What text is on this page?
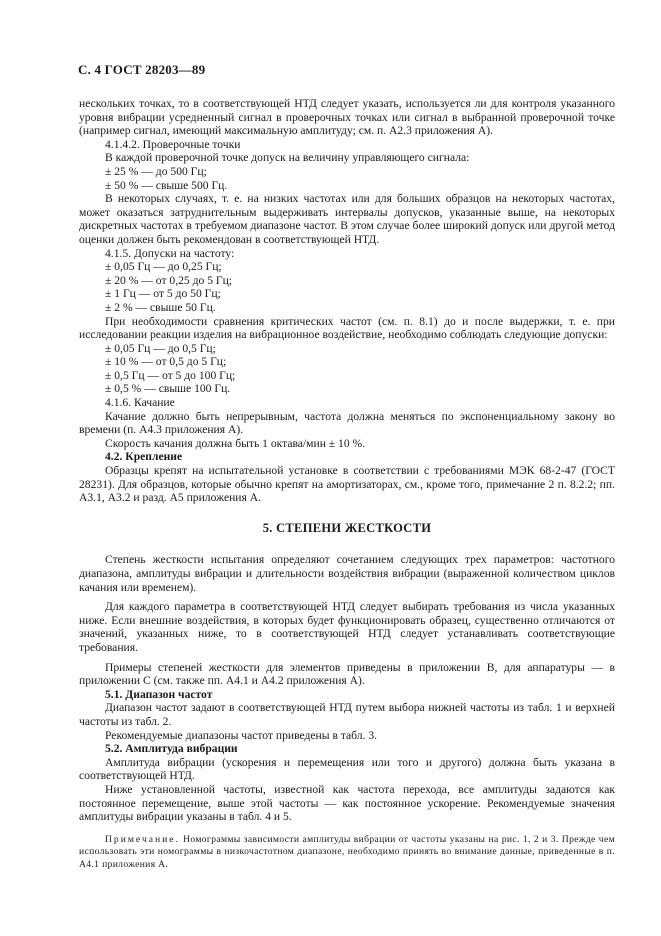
С. 4 ГОСТ 28203—89

нескольких точках, то в соответствующей НТД следует указать, используется ли для контроля указанного уровня вибрации усредненный сигнал в проверочных точках или сигнал в выбранной проверочной точке (например сигнал, имеющий максимальную амплитуду; см. п. А2.3 приложения А).

4.1.4.2. Проверочные точки

В каждой проверочной точке допуск на величину управляющего сигнала:

± 25 % — до 500 Гц;

± 50 % — свыше 500 Гц.

В некоторых случаях, т. е. на низких частотах или для больших образцов на некоторых частотах, может оказаться затруднительным выдерживать интервалы допусков, указанные выше, на некоторых дискретных частотах в требуемом диапазоне частот. В этом случае более широкий допуск или другой метод оценки должен быть рекомендован в соответствующей НТД.

4.1.5. Допуски на частоту:

± 0,05 Гц — до 0,25 Гц;

± 20 % — от 0,25 до 5 Гц;

± 1 Гц — от 5 до 50 Гц;

± 2 % — свыше 50 Гц.

При необходимости сравнения критических частот (см. п. 8.1) до и после выдержки, т. е. при исследовании реакции изделия на вибрационное воздействие, необходимо соблюдать следующие допуски:

± 0,05 Гц — до 0,5 Гц;

± 10 % — от 0,5 до 5 Гц;

± 0,5 Гц — от 5 до 100 Гц;

± 0,5 % — свыше 100 Гц.

4.1.6. Качание

Качание должно быть непрерывным, частота должна меняться по экспоненциальному закону во времени (п. А4.3 приложения А).

Скорость качания должна быть 1 октава/мин ± 10 %.

4.2. Крепление

Образцы крепят на испытательной установке в соответствии с требованиями МЭК 68-2-47 (ГОСТ 28231). Для образцов, которые обычно крепят на амортизаторах, см., кроме того, примечание 2 п. 8.2.2; пп. А3.1, А3.2 и разд. А5 приложения А.

5. СТЕПЕНИ ЖЕСТКОСТИ

Степень жесткости испытания определяют сочетанием следующих трех параметров: частотного диапазона, амплитуды вибрации и длительности воздействия вибрации (выраженной количеством циклов качания или временем).

Для каждого параметра в соответствующей НТД следует выбирать требования из числа указанных ниже. Если внешние воздействия, в которых будет функционировать образец, существенно отличаются от значений, указанных ниже, то в соответствующей НТД следует устанавливать соответствующие требования.

Примеры степеней жесткости для элементов приведены в приложении В, для аппаратуры — в приложении С (см. также пп. А4.1 и А4.2 приложения А).

5.1. Диапазон частот

Диапазон частот задают в соответствующей НТД путем выбора нижней частоты из табл. 1 и верхней частоты из табл. 2.

Рекомендуемые диапазоны частот приведены в табл. 3.

5.2. Амплитуда вибрации

Амплитуда вибрации (ускорения и перемещения или того и другого) должна быть указана в соответствующей НТД.

Ниже установленной частоты, известной как частота перехода, все амплитуды задаются как постоянное перемещение, выше этой частоты — как постоянное ускорение. Рекомендуемые значения амплитуды вибрации указаны в табл. 4 и 5.

Примечание. Номограммы зависимости амплитуды вибрации от частоты указаны на рис. 1, 2 и 3. Прежде чем использовать эти номограммы в низкочастотном диапазоне, необходимо принять во внимание данные, приведенные в п. А4.1 приложения А.
